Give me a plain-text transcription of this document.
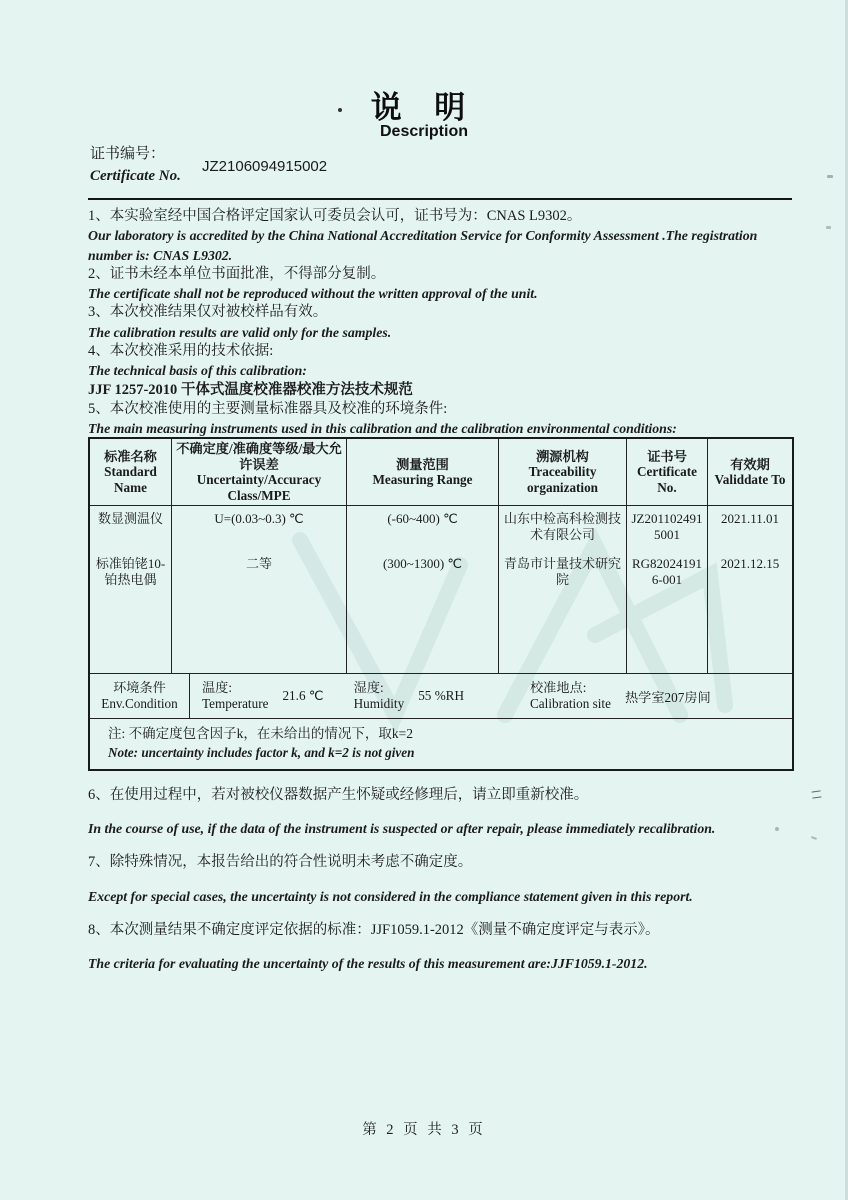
说 明
Description
证书编号：
Certificate No.
JZ2106094915002

1、本实验室经中国合格评定国家认可委员会认可，证书号为：CNAS L9302。

Our laboratory is accredited by the China National Accreditation Service for Conformity Assessment .The registration number is: CNAS L9302.

2、证书未经本单位书面批准，不得部分复制。

The certificate shall not be reproduced without the written approval of the unit.

3、本次校准结果仅对被校样品有效。

The calibration results are valid only for the samples.

4、本次校准采用的技术依据:

The technical basis of this calibration:

JJF 1257-2010 干体式温度校准器校准方法技术规范

5、本次校准使用的主要测量标准器具及校准的环境条件:

The main measuring instruments used in this calibration and the calibration environmental conditions:

标准名称
Standard Name
不确定度/准确度等级/最大允许误差
Uncertainty/Accuracy Class/MPE
测量范围
Measuring Range
溯源机构
Traceability organization
证书号
Certificate No.
有效期
Validdate To
数显测温仪
标准铂铑10-铂热电偶
U=(0.03~0.3) ℃
二等
(-60~400) ℃
(300~1300) ℃
山东中检高科检测技术有限公司
青岛市计量技术研究院
JZ2011024915001
RG820241916-001
2021.11.01
2021.12.15
环境条件
Env.Condition
温度:
Temperature
21.6 ℃
湿度:
Humidity
55 %RH
校准地点:
Calibration site 热学室207房间
注: 不确定度包含因子k，在未给出的情况下，取k=2
Note: uncertainty includes factor k, and k=2 is not given

6、在使用过程中，若对被校仪器数据产生怀疑或经修理后，请立即重新校准。

In the course of use, if the data of the instrument is suspected or after repair, please immediately recalibration.

7、除特殊情况，本报告给出的符合性说明未考虑不确定度。

Except for special cases, the uncertainty is not considered in the compliance statement given in this report.

8、本次测量结果不确定度评定依据的标准：JJF1059.1-2012《测量不确定度评定与表示》。

The criteria for evaluating the uncertainty of the results of this measurement are:JJF1059.1-2012.

第 2 页 共 3 页
